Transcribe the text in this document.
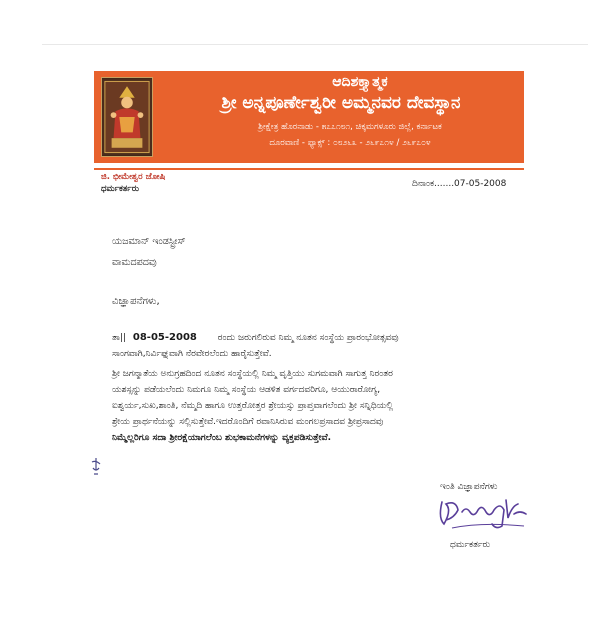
ಆದಿಶಕ್ತ್ಯಾತ್ಮಕ
ಶ್ರೀ ಅನ್ನಪೂರ್ಣೇಶ್ವರೀ ಅಮ್ಮನವರ ದೇವಸ್ಥಾನ
ಶ್ರೀಕ್ಷೇತ್ರ ಹೊರನಾಡು - ೫೭೭೧೮೧, ಚಿಕ್ಕಮಗಳೂರು ಜಿಲ್ಲೆ, ಕರ್ನಾಟಕ
ದೂರವಾಣಿ - ಫ್ಯಾಕ್ಸ್ : ೦೮೨೬೩ - ೨೬೯೭೧೪ / ೨೬೯೭೦೪
ಜಿ. ಭೀಮೇಶ್ವರ ಜೋಷಿ
ಧರ್ಮಕರ್ತರು	ದಿನಾಂಕ.......07-05-2008
ಯಜಮಾನ್ ಇಂಡಸ್ಟ್ರೀಸ್
ವಾಮದಪದವು
ವಿಜ್ಞಾಪನೆಗಳು,
ತಾ|| 08-05-2008 ರಂದು ಜರುಗಲಿರುವ ನಿಮ್ಮ ನೂತನ ಸಂಸ್ಥೆಯ ಪ್ರಾರಂಭೋತ್ಸವವು
ಸಾಂಗವಾಗಿ,ನಿರ್ವಿಘ್ನವಾಗಿ ನೆರವೇರಲೆಂದು ಹಾರೈಸುತ್ತೇವೆ.
ಶ್ರೀ ಜಗನ್ಮಾತೆಯ ಅನುಗ್ರಹದಿಂದ ನೂತನ ಸಂಸ್ಥೆಯಲ್ಲಿ ನಿಮ್ಮ ವೃತ್ತಿಯು ಸುಗಮವಾಗಿ ಸಾಗುತ್ತ ನಿರಂತರ
ಯಶಸ್ಸನ್ನು ಪಡೆಯಲೆಂದು ನಿಮಗೂ ನಿಮ್ಮ ಸಂಸ್ಥೆಯ ಆಡಳಿತ ವರ್ಗದವರಿಗೂ, ಆಯುರಾರೋಗ್ಯ,
ಐಶ್ವರ್ಯ,ಸುಖ,ಶಾಂತಿ, ನೆಮ್ಮದಿ ಹಾಗೂ ಉತ್ತರೋತ್ತರ ಶ್ರೇಯಸ್ಸು ಪ್ರಾಪ್ತವಾಗಲೆಂದು ಶ್ರೀ ಸನ್ನಿಧಿಯಲ್ಲಿ
ಶ್ರೇಯ ಪ್ರಾರ್ಥನೆಯನ್ನು ಸಲ್ಲಿಸುತ್ತೇವೆ.ಇದರೊಂದಿಗೆ ರವಾನಿಸಿರುವ ಮಂಗಲಪ್ರಸಾದವ ಶ್ರೀಪ್ರಸಾದವು
ನಿಮ್ಮೆಲ್ಲರಿಗೂ ಸದಾ ಶ್ರೀರಕ್ಷೆಯಾಗಲೆಂಬ ಶುಭಕಾಮನೆಗಳನ್ನು ವ್ಯಕ್ತಪಡಿಸುತ್ತೇವೆ.
ಇಂತಿ ವಿಜ್ಞಾಪನೆಗಳು
ಧರ್ಮಕರ್ತರು
